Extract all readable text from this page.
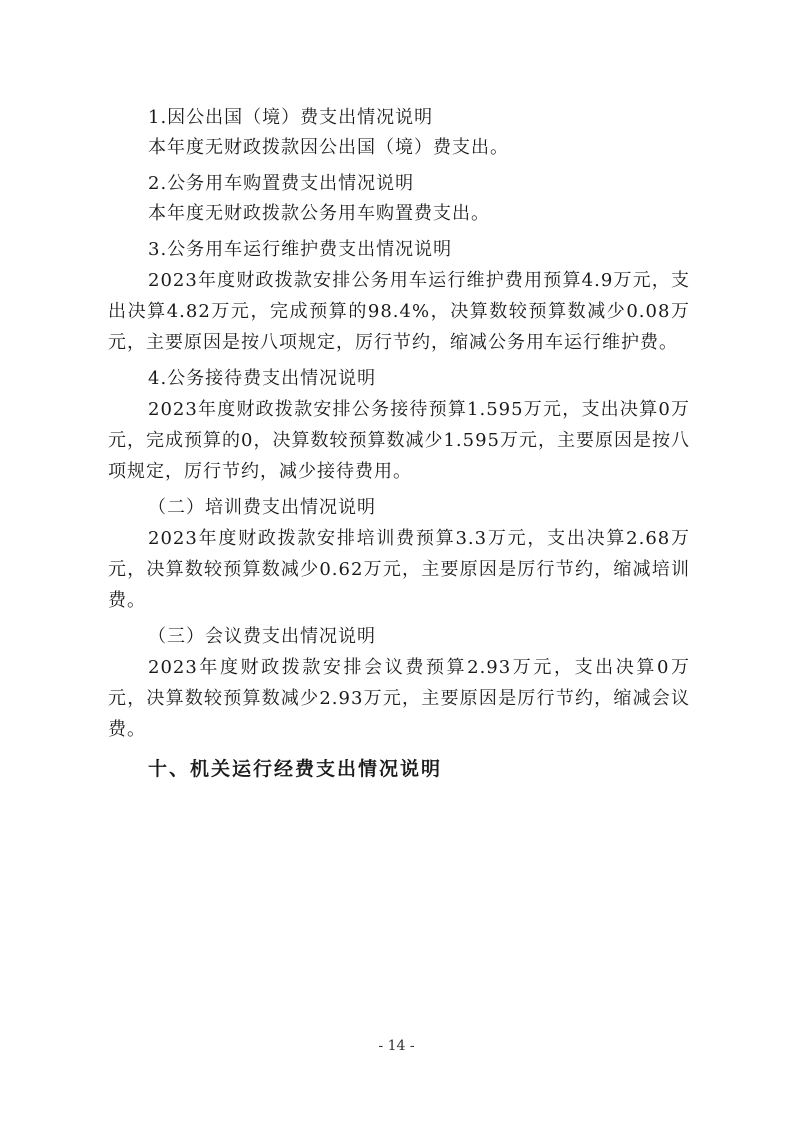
1.因公出国（境）费支出情况说明
本年度无财政拨款因公出国（境）费支出。
2.公务用车购置费支出情况说明
本年度无财政拨款公务用车购置费支出。
3.公务用车运行维护费支出情况说明

2023年度财政拨款安排公务用车运行维护费用预算4.9万元，支出决算4.82万元，完成预算的98.4%，决算数较预算数减少0.08万元，主要原因是按八项规定，厉行节约，缩减公务用车运行维护费。

4.公务接待费支出情况说明

2023年度财政拨款安排公务接待预算1.595万元，支出决算0万元，完成预算的0，决算数较预算数减少1.595万元，主要原因是按八项规定，厉行节约，减少接待费用。

（二）培训费支出情况说明

2023年度财政拨款安排培训费预算3.3万元，支出决算2.68万元，决算数较预算数减少0.62万元，主要原因是厉行节约，缩减培训费。

（三）会议费支出情况说明

2023年度财政拨款安排会议费预算2.93万元，支出决算0万元，决算数较预算数减少2.93万元，主要原因是厉行节约，缩减会议费。

十、机关运行经费支出情况说明
- 14 -
